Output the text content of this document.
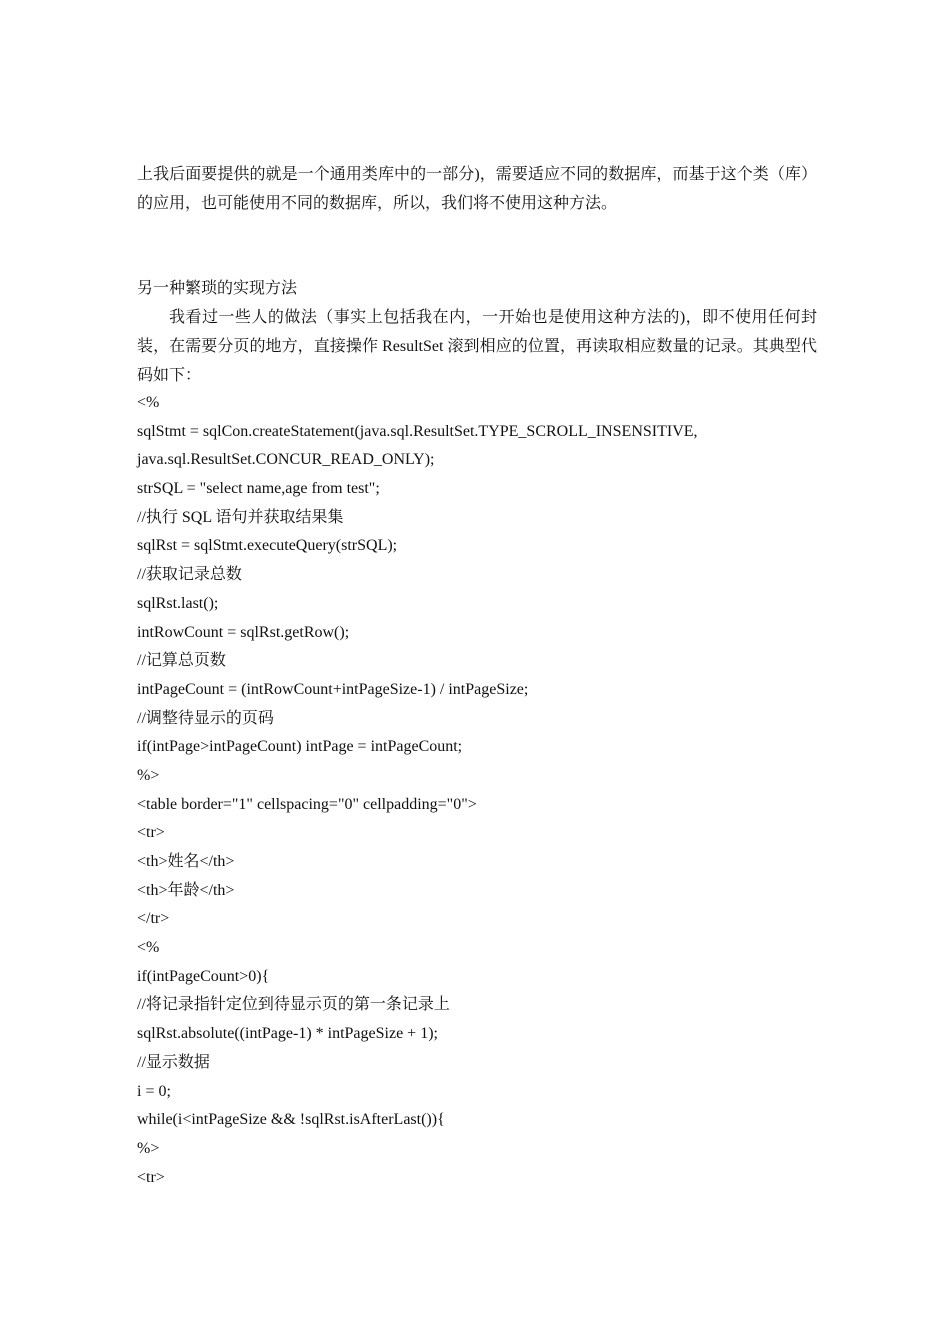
上我后面要提供的就是一个通用类库中的一部分)，需要适应不同的数据库，而基于这个类（库）的应用，也可能使用不同的数据库，所以，我们将不使用这种方法。

另一种繁琐的实现方法

我看过一些人的做法（事实上包括我在内，一开始也是使用这种方法的)，即不使用任何封装，在需要分页的地方，直接操作 ResultSet 滚到相应的位置，再读取相应数量的记录。其典型代码如下：

<%
sqlStmt = sqlCon.createStatement(java.sql.ResultSet.TYPE_SCROLL_INSENSITIVE,
java.sql.ResultSet.CONCUR_READ_ONLY);
strSQL = "select name,age from test";
//执行 SQL 语句并获取结果集
sqlRst = sqlStmt.executeQuery(strSQL);
//获取记录总数
sqlRst.last();
intRowCount = sqlRst.getRow();
//记算总页数
intPageCount = (intRowCount+intPageSize-1) / intPageSize;
//调整待显示的页码
if(intPage>intPageCount) intPage = intPageCount;
%>
<table border="1" cellspacing="0" cellpadding="0">
<tr>
<th>姓名</th>
<th>年龄</th>
</tr>
<%
if(intPageCount>0){
//将记录指针定位到待显示页的第一条记录上
sqlRst.absolute((intPage-1) * intPageSize + 1);
//显示数据
i = 0;
while(i<intPageSize && !sqlRst.isAfterLast()){
%>
<tr>
